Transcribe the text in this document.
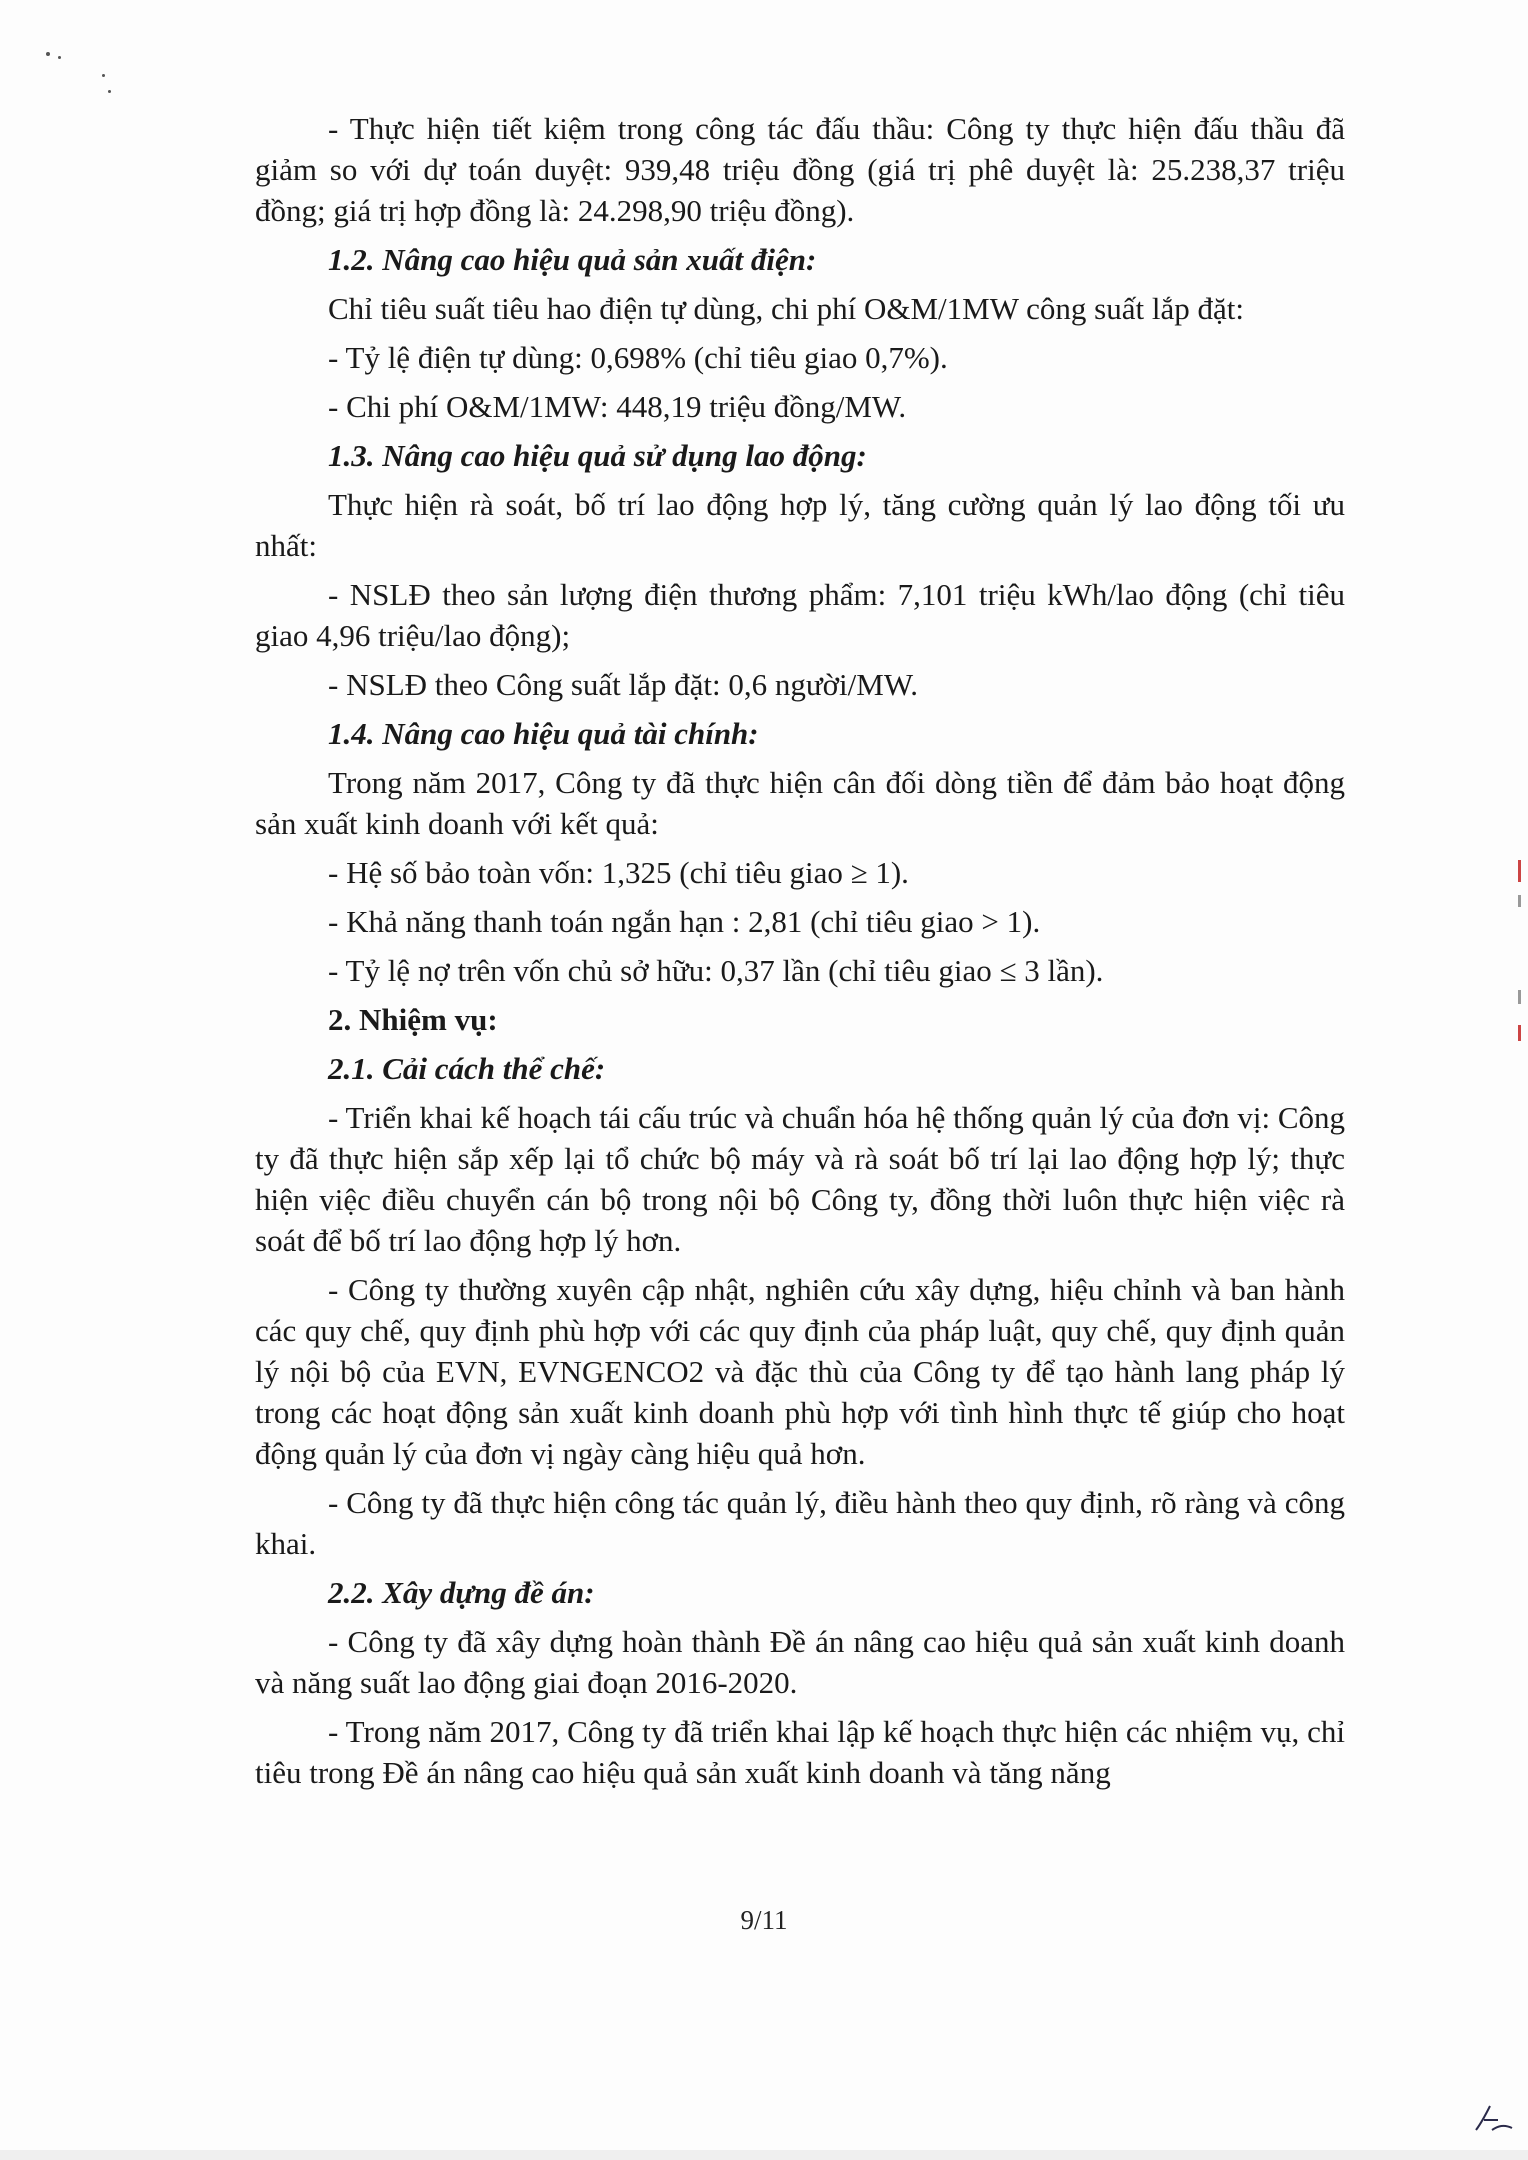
- Thực hiện tiết kiệm trong công tác đấu thầu: Công ty thực hiện đấu thầu đã giảm so với dự toán duyệt: 939,48 triệu đồng (giá trị phê duyệt là: 25.238,37 triệu đồng; giá trị hợp đồng là: 24.298,90 triệu đồng).

1.2. Nâng cao hiệu quả sản xuất điện:

Chỉ tiêu suất tiêu hao điện tự dùng, chi phí O&M/1MW công suất lắp đặt:

- Tỷ lệ điện tự dùng: 0,698% (chỉ tiêu giao 0,7%).

- Chi phí O&M/1MW: 448,19 triệu đồng/MW.

1.3. Nâng cao hiệu quả sử dụng lao động:

Thực hiện rà soát, bố trí lao động hợp lý, tăng cường quản lý lao động tối ưu nhất:

- NSLĐ theo sản lượng điện thương phẩm: 7,101 triệu kWh/lao động (chỉ tiêu giao 4,96 triệu/lao động);

- NSLĐ theo Công suất lắp đặt: 0,6 người/MW.

1.4. Nâng cao hiệu quả tài chính:

Trong năm 2017, Công ty đã thực hiện cân đối dòng tiền để đảm bảo hoạt động sản xuất kinh doanh với kết quả:

- Hệ số bảo toàn vốn: 1,325 (chỉ tiêu giao ≥ 1).

- Khả năng thanh toán ngắn hạn : 2,81 (chỉ tiêu giao > 1).

- Tỷ lệ nợ trên vốn chủ sở hữu: 0,37 lần (chỉ tiêu giao ≤ 3 lần).

2. Nhiệm vụ:

2.1. Cải cách thể chế:

- Triển khai kế hoạch tái cấu trúc và chuẩn hóa hệ thống quản lý của đơn vị: Công ty đã thực hiện sắp xếp lại tổ chức bộ máy và rà soát bố trí lại lao động hợp lý; thực hiện việc điều chuyển cán bộ trong nội bộ Công ty, đồng thời luôn thực hiện việc rà soát để bố trí lao động hợp lý hơn.

- Công ty thường xuyên cập nhật, nghiên cứu xây dựng, hiệu chỉnh và ban hành các quy chế, quy định phù hợp với các quy định của pháp luật, quy chế, quy định quản lý nội bộ của EVN, EVNGENCO2 và đặc thù của Công ty để tạo hành lang pháp lý trong các hoạt động sản xuất kinh doanh phù hợp với tình hình thực tế giúp cho hoạt động quản lý của đơn vị ngày càng hiệu quả hơn.

- Công ty đã thực hiện công tác quản lý, điều hành theo quy định, rõ ràng và công khai.

2.2. Xây dựng đề án:

- Công ty đã xây dựng hoàn thành Đề án nâng cao hiệu quả sản xuất kinh doanh và năng suất lao động giai đoạn 2016-2020.

- Trong năm 2017, Công ty đã triển khai lập kế hoạch thực hiện các nhiệm vụ, chỉ tiêu trong Đề án nâng cao hiệu quả sản xuất kinh doanh và tăng năng

9/11
